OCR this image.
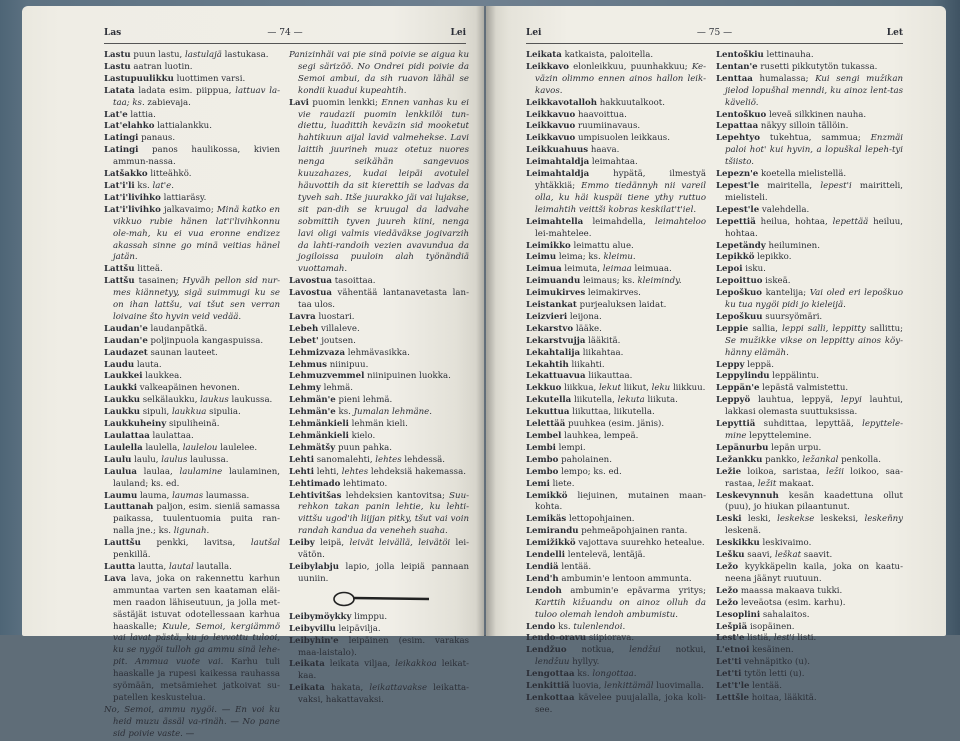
Las	— 74 —	Lei

Lastu puun lastu, lastulajä lastukasa.

Lastu aatran luotin.

Lastupuulikku luottimen varsi.

Latata ladata esim. piippua, lattuav la-taa; ks. zabievaja.

Lat'e lattia.

Lat'elahko lattialankku.

Latingi panaus.

Latingi panos haulikossa, kivien ammun-nassa.

Latšakko litteähkö.

Lat'i'li ks. lat'e.

Lat'i'livihko lattiaräsy.

Lat'i'livihko jalkavaimo; Minä katko en vikkuo rubie hänen lat'i'livihkonnu ole-mah, ku ei vua eronne endizez akassah sinne go minä veitias hänel jatän.

Lattšu litteä.

Lattšu tasainen; Hyväh pellon sid nur-mes kiännetyy, sigä suimmugi ku se on ihan lattšu, vai tšut sen verran loivaine što hyvin veid vedää.

Laudan'e laudanpätkä.

Laudan'e poljinpuola kangaspuissa.

Laudazet saunan lauteet.

Laudu lauta.

Laukkei laukkea.

Laukki valkeapäinen hevonen.

Laukku selkälaukku, laukus laukussa.

Laukku sipuli, laukkua sipulia.

Laukkuheiny sipuliheinä.

Laulattaa laulattaa.

Laulella laulella, laulelou laulelee.

Laulu laulu, laulus laulussa.

Laulua laulaa, laulamine laulaminen, lauland; ks. ed.

Laumu lauma, laumas laumassa.

Lauttanah paljon, esim. sieniä samassa paikassa, tuulentuomia puita ran-nalla jne.; ks. ligunah.

Lauttšu penkki, lavitsa, lautšal penkillä.

Lautta lautta, lautal lautalla.

Lava lava, joka on rakennettu karhun ammuntaa varten sen kaataman eläi-men raadon lähiseutuun, ja jolla met-sästäjät istuvat odotellessaan karhua haaskalle; Kuule, Semoi, kergiämmö vai lavat pästä, ku jo levvottu tulooi, ku se nygöi tulloh ga ammu sinä lehe-pit. Ammua vuote vai. Karhu tuli haaskalle ja rupesi kaikessa rauhassa syömään, metsämiehet jatkoivat su-patellen keskustelua.

No, Semoi, ammu nygöi. — En voi ku heid muzu ässäl va-rinäh. — No pane sid poivie vaste. —

Panizinhäi vai pie sinä poivie se aigua ku segi särizöö. No Ondrei pidi poivie da Semoi ambui, da sih ruavon lähäl se kondii kuadui kupeahtih.

Lavi puomin lenkki; Ennen vanhas ku ei vie raudazii puomin lenkkilöi tun-diettu, luadittih keväzin sid mooketut hahtikuun aijal lavid valmehekse. Lavi laittih juurineh muaz otetuz nuores nenga seikähän sangevuos kuuzahazes, kudai leipäi avotulel häuvottih da sit kierettih se ladvas da tyveh sah. Itše juurakko jäi vai lujakse, sit pan-dih se kruugal da ladvahe sobmittih tyven juureh kiini, nenga lavi oligi valmis viedäväkse jogivarzih da lahti-randoih vezien avavundua da jogiloissa puuloin alah työnändiä vuottamah.

Lavostua tasoittaa.

Lavostua vähentää lantanavetasta lan-taa ulos.

Lavra luostari.

Lebeh villalevе.

Lebet' joutsen.

Lehmizvaza lehmävasikka.

Lehmus niinipuu.

Lehmuzvemmel niinipuinen luokka.

Lehmy lehmä.

Lehmän'e pieni lehmä.

Lehmän'e ks. Jumalan lehmäne.

Lehmänkieli lehmän kieli.

Lehmänkieli kielo.

Lehmätšy puun pahka.

Lehti sanomalehti, lehtes lehdessä.

Lehti lehti, lehtes lehdeksiä hakemassa.

Lehtimado lehtimato.

Lehtivitšas lehdeksien kantovitsa; Suu-rehkon takan panin lehtie, ku lehti-vittšu ugod'ih liijjan pitky, tšut vai voin randah kandua da veneheh suaha.

Leiby leipä, leivät leivällä, leivätöi lei-vätön.

Leibylabju lapio, jolla leipiä pannaan uuniin.

Leibymöykky limppu.

Leibyvillu leipävilja.

Leibyhin'e leipäinen (esim. varakas maa-laistalo).

Leikata leikata viljaa, leikakkoa leikat-kaa.

Leikata hakata, leikattavakse leikatta-vaksi, hakattavaksi.

Lei	— 75 —	Let

Leikata katkaista, paloitella.

Leikkavo elonleikkuu, puunhakkuu; Ke-väzin olimmo ennen ainos hallon leik-kavos.

Leikkavotalloh hakkuutalkoot.

Leikkavuo haavoittua.

Leikkavuo ruumiinavaus.

Leikkavuo umpisuolen leikkaus.

Leikkuahuus haava.

Leimahtaldja leimahtaa.

Leimahtaldja	hypätä, ilmestyä yhtäkkiä; Emmo tiedännyh nii vareil olla, ku häi kuspäi tiene ythy ruttuo leimahtih veittši kobras keskilat't'iel.

Leimahtella leimahdella, leimahteloo lei-mahtelee.

Leimikko leimattu alue.

Leimu leima; ks. kleimu.

Leimua leimuta, leimaa leimuaa.

Leimuandu leimaus; ks. kleimindy.

Leimukirves leimakirves.

Leistankat purjealuksen laidat.

Leizvieri leijona.

Lekarstvo lääke.

Lekarstvujja lääkitä.

Lekahtalija liikahtaa.

Lekahtih liikahti.

Lekattuavua liikauttaa.

Lekkuo liikkua, lekut liikut, leku liikkuu.

Lekutella liikutella, lekuta liikuta.

Lekuttua liikuttaa, liikutella.

Lelettää puuhkea (esim. jänis).

Lembel lauhkea, lempeä.

Lembi lempi.

Lembo paholainen.

Lembo lempo; ks. ed.

Lemi liete.

Lemikkö liejuinen, mutainen maan-kohta.

Lemikäs lettopohjainen.

Lemirandu pehmeäpohjainen ranta.

Lemižikkö vajottava suurehko hetealue.

Lendelli lentelevä, lentäjä.

Lendiä lentää.

Lend'h ambumin'e lentoon ammunta.

Lendoh ambumin'e epävarma yritys; Karttih kižuandu on ainoz olluh da tuloo olemah lendoh ambumistu.

Lendo ks. tulenlendoi.

Lendo-oravu siipiorava.

Lendžuo notkua, lendžui notkui, lendžuu hyllyy.

Lengottaa ks. longottaa.

Lenkittiä luovia, lenkittämäl luovimalla.

Lenkottaa kävelee puujalalla, joka koli-see.

Lentoškiu lettinauha.

Lentan'e rusetti pikkutytön tukassa.

Lenttaa humalassa; Kui sengi mužikan jielod lopušhal menndi, ku ainoz lent-tas käveliö.

Lentoškuo levеä silkkinen nauha.

Lepattaa näkyy silloin tällöin.

Lepehtyo tukehtua, sammua; Enzmäi paloi hot' kui hyvin, a lopuškal lepeh-tyi tšiisto.

Lepezn'e koetella mielistellä.

Lepest'le mairitella, lepest'i mairitteli, mielisteli.

Lepest'le valehdella.

Lepettiä heilua, hohtaa, lepettää heiluu, hohtaa.

Lepetändy heiluminen.

Lepikkö lepikko.

Lepoi isku.

Lepoittuo iskeä.

Lepoškuo kantelija; Vai oled eri lepoškuo ku tua nygöi pidi jo kieleijä.

Lepoškuu suursyömäri.

Leppie sallia, leppi salli, leppitty sallittu; Se mužikke vikse on leppitty ainos köy-hänny elämäh.

Leppy leppä.

Leppylindu leppälintu.

Leppän'e lepästä valmistettu.

Leppyö lauhtua, leppyä, lepyi lauhtui, lakkasi olemasta suuttuksissa.

Lepyttiä suhdittaa, lepyttää, lepyttele-mine lepyttelemine.

Lepänurbu lepän urpu.

Ležankku pankko, ležankal penkolla.

Ležie loikoa, saristaa, ležii loikoo, saa-rastaa, ležit makaat.

Leskevynnuh kesän kaadettuna ollut (puu), jo hiukan pilaantunut.

Leski leski, leskekse leskeksi, leskeñny leskenä.

Leskikku leskivaimo.

Lešku saavi, leškat saavit.

Ležo kyykkäpelin kaila, joka on kaatu-neena jäänyt ruutuun.

Ležo maassa makaava tukki.

Ležo leveäotsa (esim. karhu).

Lesoplini sahalaitos.

Lešpiä isopäinen.

Lest'e listiä, lest'i listi.

L'etnoi kesäinen.

Let'ti vehnäpitko (u).

Let'ti tytön letti (u).

Let't'le lentää.

Lettšle hoitaa, lääkitä.
